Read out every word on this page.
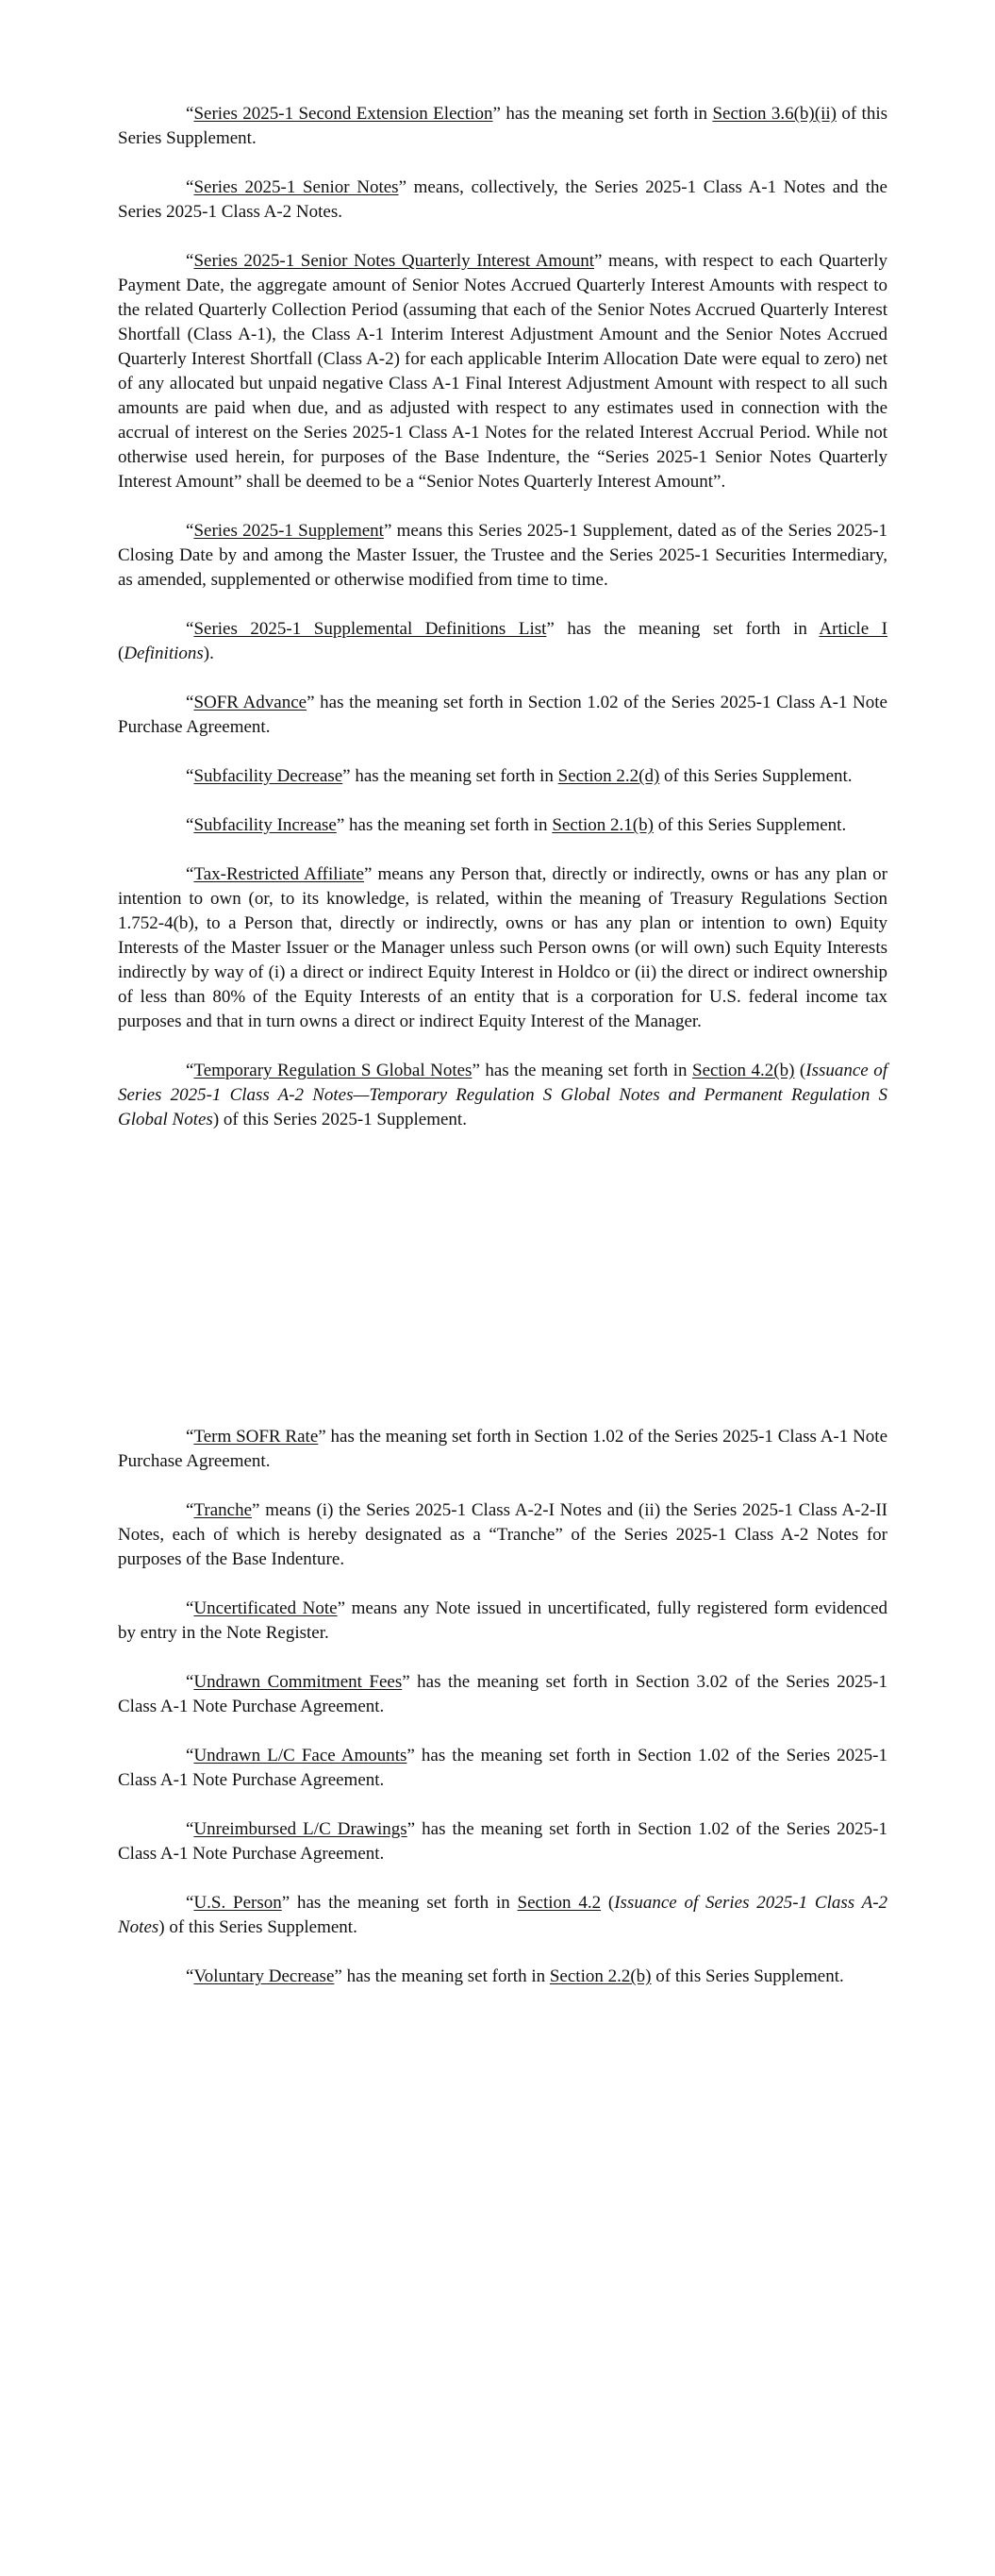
“Series 2025-1 Second Extension Election” has the meaning set forth in Section 3.6(b)(ii) of this Series Supplement.

“Series 2025-1 Senior Notes” means, collectively, the Series 2025-1 Class A-1 Notes and the Series 2025-1 Class A-2 Notes.

“Series 2025-1 Senior Notes Quarterly Interest Amount” means, with respect to each Quarterly Payment Date, the aggregate amount of Senior Notes Accrued Quarterly Interest Amounts with respect to the related Quarterly Collection Period (assuming that each of the Senior Notes Accrued Quarterly Interest Shortfall (Class A-1), the Class A-1 Interim Interest Adjustment Amount and the Senior Notes Accrued Quarterly Interest Shortfall (Class A-2) for each applicable Interim Allocation Date were equal to zero) net of any allocated but unpaid negative Class A-1 Final Interest Adjustment Amount with respect to all such amounts are paid when due, and as adjusted with respect to any estimates used in connection with the accrual of interest on the Series 2025-1 Class A-1 Notes for the related Interest Accrual Period. While not otherwise used herein, for purposes of the Base Indenture, the “Series 2025-1 Senior Notes Quarterly Interest Amount” shall be deemed to be a “Senior Notes Quarterly Interest Amount”.

“Series 2025-1 Supplement” means this Series 2025-1 Supplement, dated as of the Series 2025-1 Closing Date by and among the Master Issuer, the Trustee and the Series 2025-1 Securities Intermediary, as amended, supplemented or otherwise modified from time to time.

“Series 2025-1 Supplemental Definitions List” has the meaning set forth in Article I (Definitions).

“SOFR Advance” has the meaning set forth in Section 1.02 of the Series 2025-1 Class A-1 Note Purchase Agreement.

“Subfacility Decrease” has the meaning set forth in Section 2.2(d) of this Series Supplement.

“Subfacility Increase” has the meaning set forth in Section 2.1(b) of this Series Supplement.

“Tax-Restricted Affiliate” means any Person that, directly or indirectly, owns or has any plan or intention to own (or, to its knowledge, is related, within the meaning of Treasury Regulations Section 1.752-4(b), to a Person that, directly or indirectly, owns or has any plan or intention to own) Equity Interests of the Master Issuer or the Manager unless such Person owns (or will own) such Equity Interests indirectly by way of (i) a direct or indirect Equity Interest in Holdco or (ii) the direct or indirect ownership of less than 80% of the Equity Interests of an entity that is a corporation for U.S. federal income tax purposes and that in turn owns a direct or indirect Equity Interest of the Manager.

“Temporary Regulation S Global Notes” has the meaning set forth in Section 4.2(b) (Issuance of Series 2025-1 Class A-2 Notes—Temporary Regulation S Global Notes and Permanent Regulation S Global Notes) of this Series 2025-1 Supplement.

“Term SOFR Rate” has the meaning set forth in Section 1.02 of the Series 2025-1 Class A-1 Note Purchase Agreement.

“Tranche” means (i) the Series 2025-1 Class A-2-I Notes and (ii) the Series 2025-1 Class A-2-II Notes, each of which is hereby designated as a “Tranche” of the Series 2025-1 Class A-2 Notes for purposes of the Base Indenture.

“Uncertificated Note” means any Note issued in uncertificated, fully registered form evidenced by entry in the Note Register.

“Undrawn Commitment Fees” has the meaning set forth in Section 3.02 of the Series 2025-1 Class A-1 Note Purchase Agreement.

“Undrawn L/C Face Amounts” has the meaning set forth in Section 1.02 of the Series 2025-1 Class A-1 Note Purchase Agreement.

“Unreimbursed L/C Drawings” has the meaning set forth in Section 1.02 of the Series 2025-1 Class A-1 Note Purchase Agreement.

“U.S. Person” has the meaning set forth in Section 4.2 (Issuance of Series 2025-1 Class A-2 Notes) of this Series Supplement.

“Voluntary Decrease” has the meaning set forth in Section 2.2(b) of this Series Supplement.
